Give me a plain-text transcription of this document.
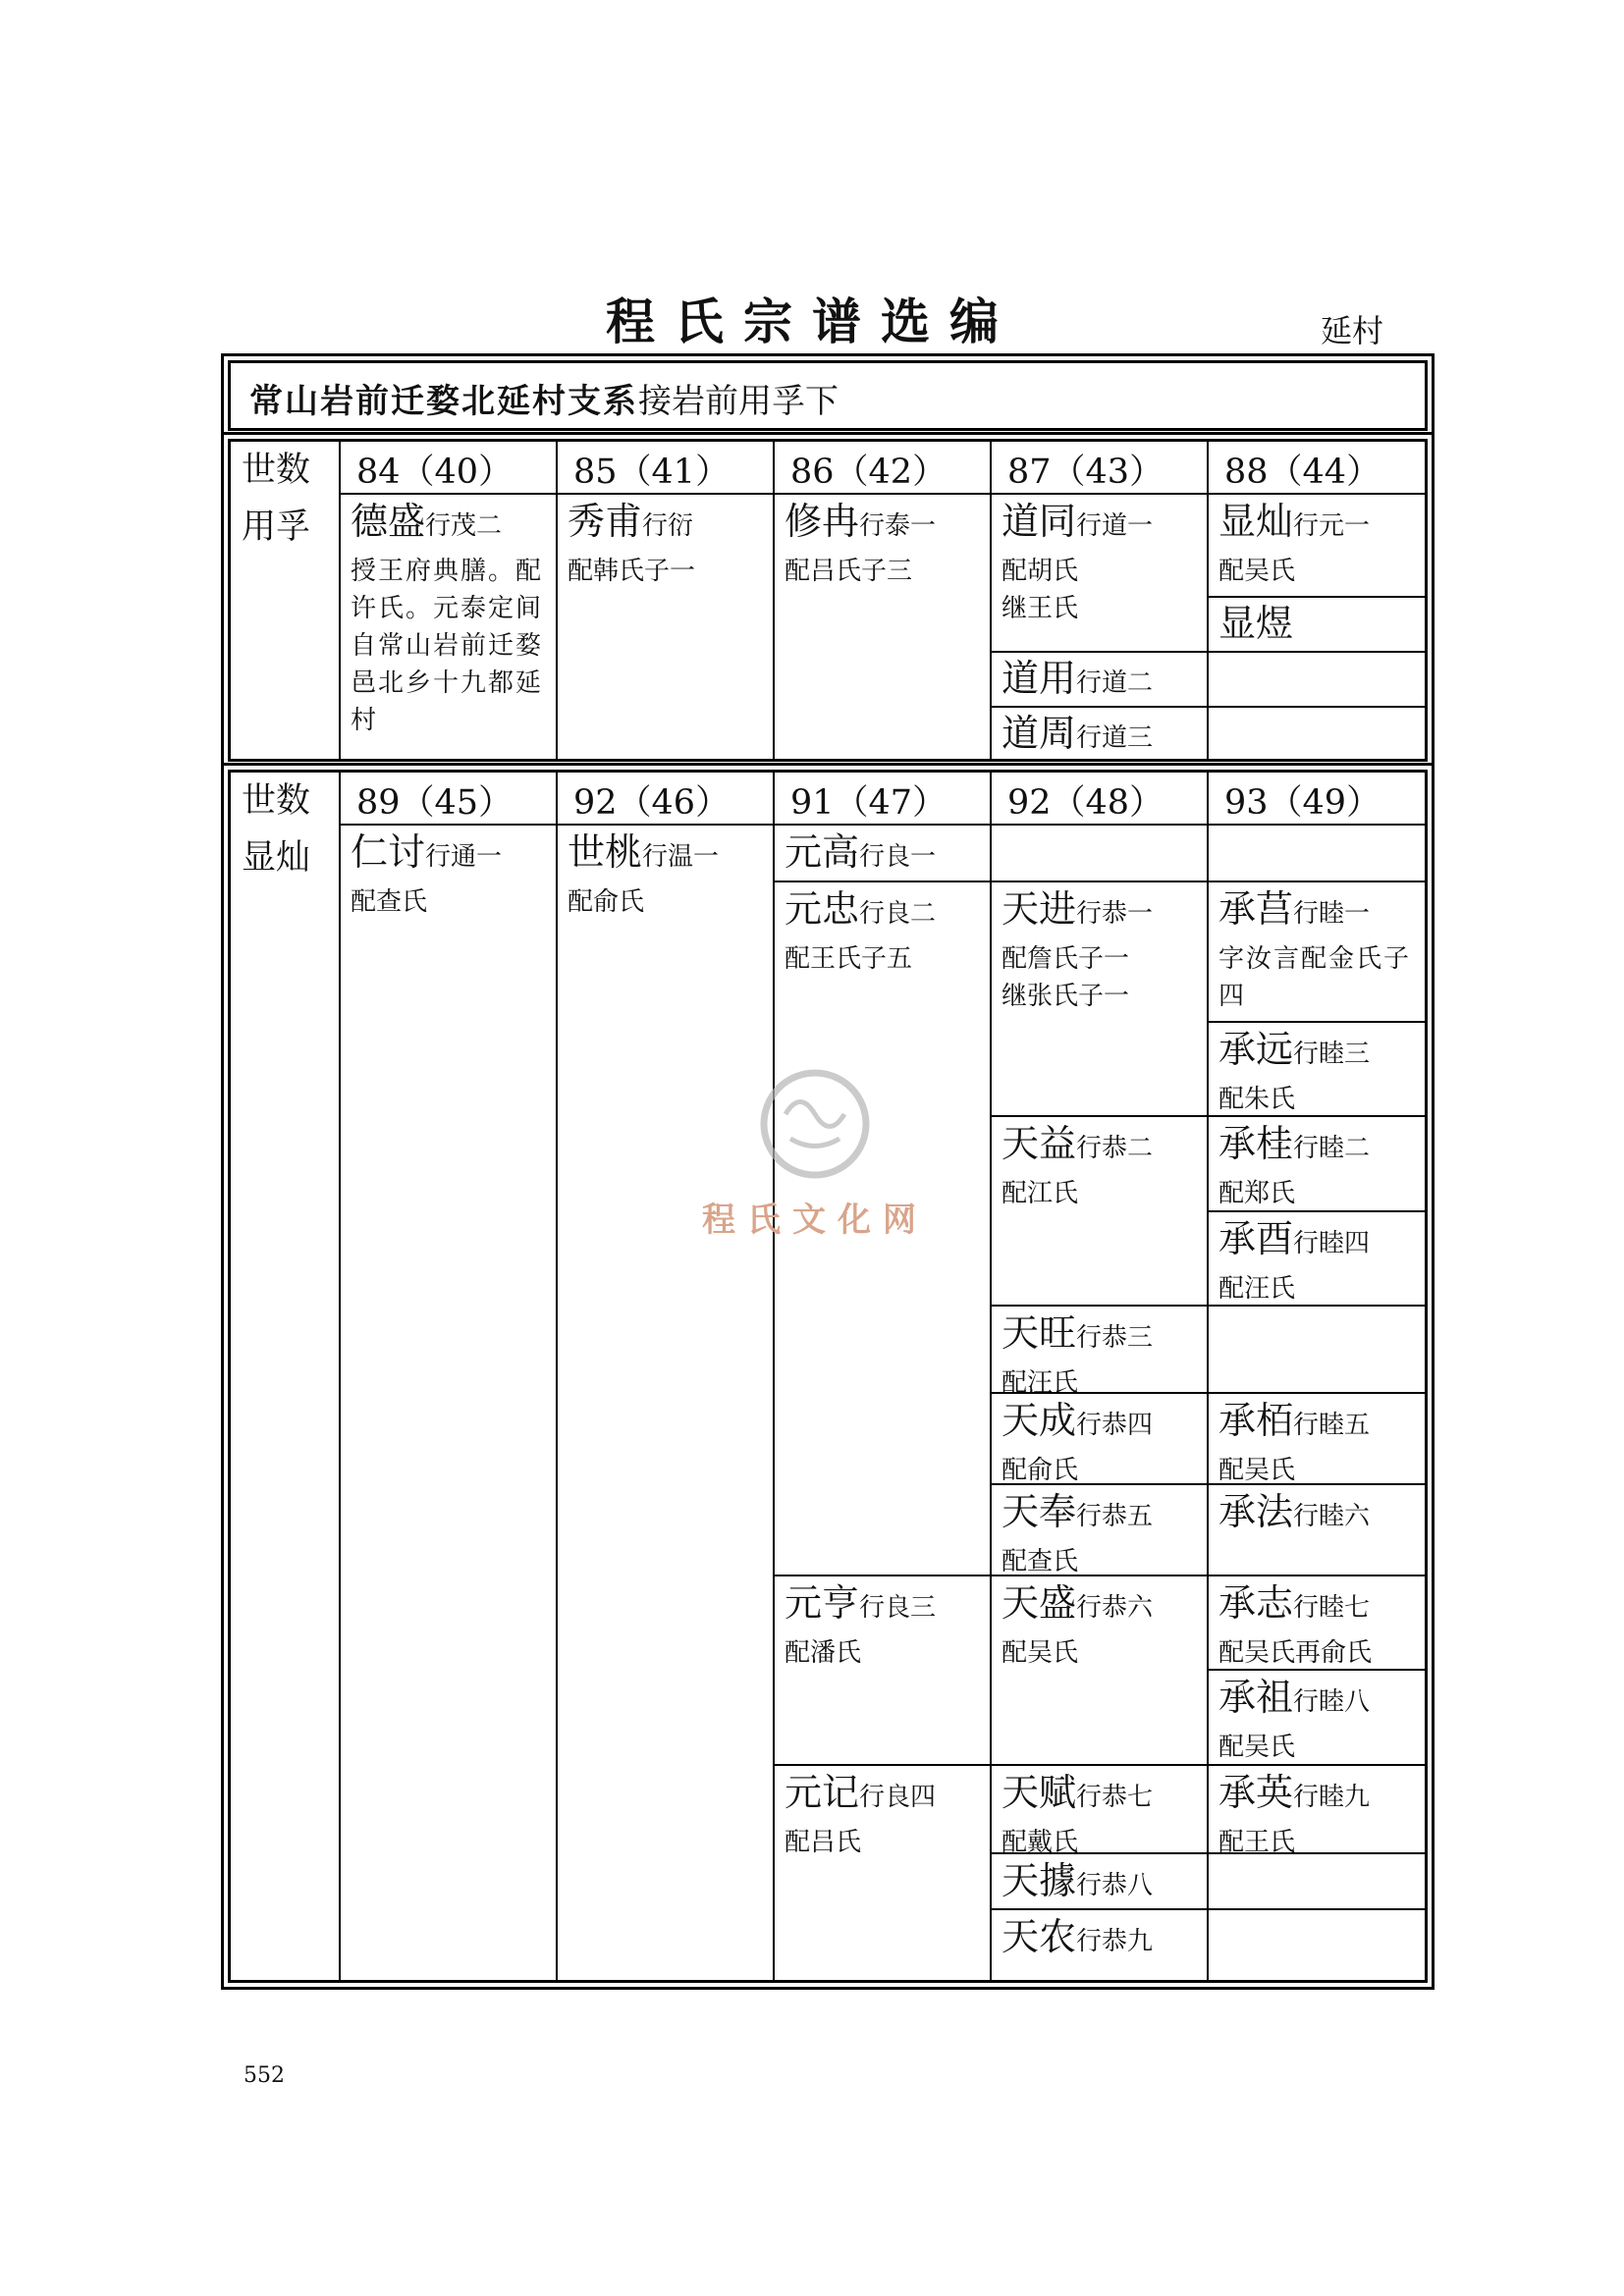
程氏宗谱选编	延村
常山岩前迁婺北延村支系接岩前用孚下
世数 84（40） 85（41） 86（42） 87（43） 88（44）
用孚 德盛行茂二
授王府典膳。配许氏。元泰定间自常山岩前迁婺邑北乡十九都延村
秀甫行衍
配韩氏子一
修冉行泰一
配吕氏子三
道同行道一
配胡氏
继王氏
显灿行元一
配吴氏
显煜
道用行道二
道周行道三
世数 89（45） 92（46） 91（47） 92（48） 93（49）
显灿 仁讨行通一
配查氏
世桃行温一
配俞氏
元高行良一
元忠行良二
配王氏子五
元亨行良三
配潘氏
元记行良四
配吕氏
天进行恭一
配詹氏子一
继张氏子一
天益行恭二
配江氏
天旺行恭三
配汪氏
天成行恭四
配俞氏
天奉行恭五
配查氏
天盛行恭六
配吴氏
天赋行恭七
配戴氏
天據行恭八
天农行恭九
承莒行睦一
字汝言配金氏子四
承远行睦三
配朱氏
承桂行睦二
配郑氏
承酉行睦四
配汪氏
承栢行睦五
配吴氏
承法行睦六
承志行睦七
配吴氏再俞氏
承祖行睦八
配吴氏
承英行睦九
配王氏
程氏文化网
552
